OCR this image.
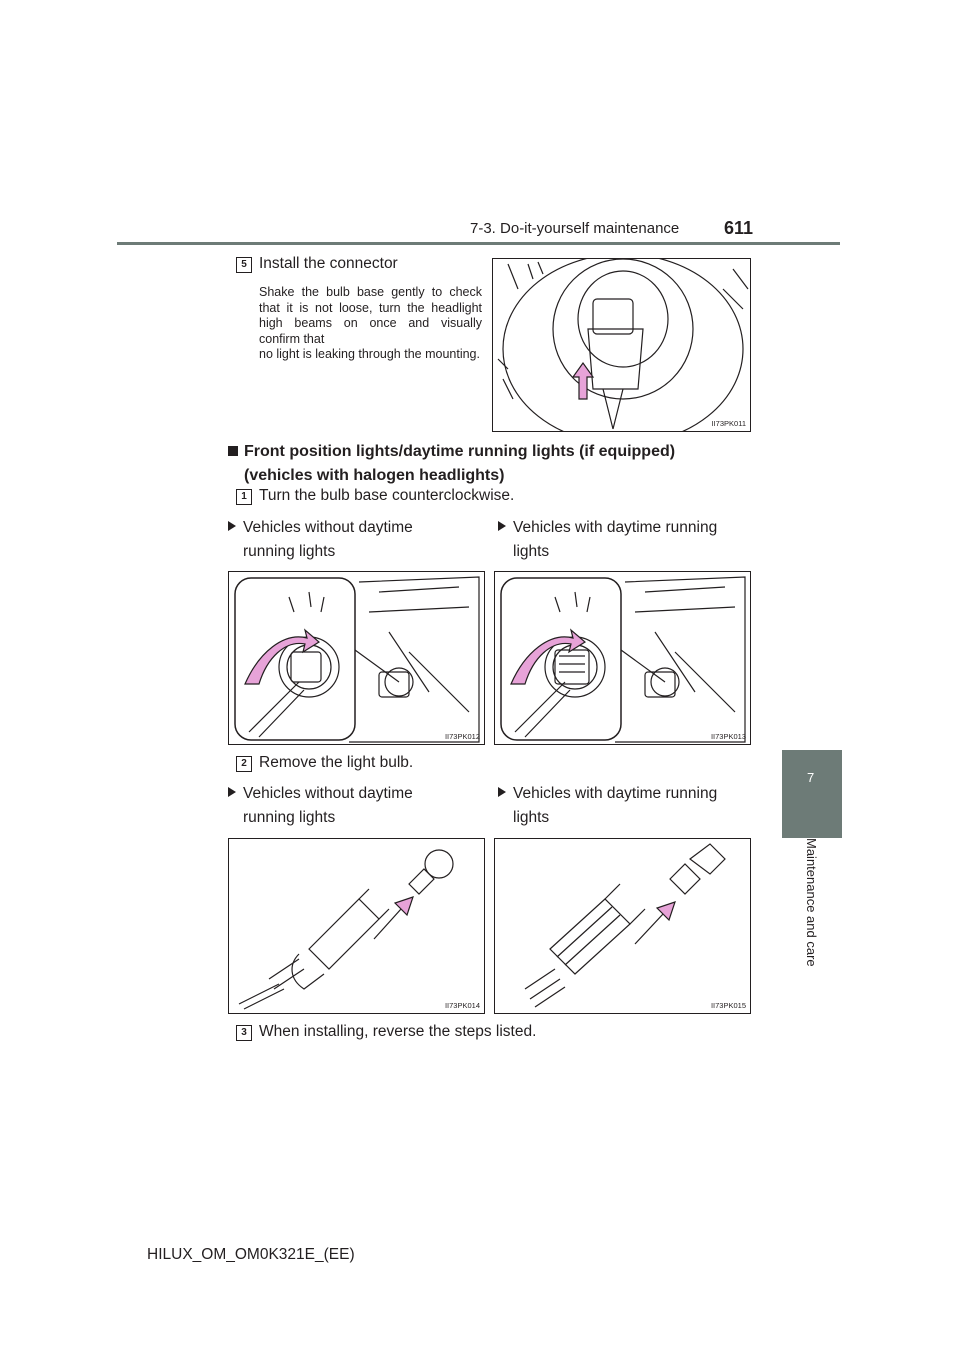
7-3. Do-it-yourself maintenance 611
7
Maintenance and care
5 Install the connector
Shake the bulb base gently to check that it is not loose, turn the headlight high beams on once and visually confirm that
no light is leaking through the mounting.
II73PK011
Front position lights/daytime running lights (if equipped)
(vehicles with halogen headlights)
1 Turn the bulb base counterclockwise.
Vehicles without daytime
running lights
Vehicles with daytime running
lights
II73PK012	II73PK013
2 Remove the light bulb.
Vehicles without daytime
running lights
Vehicles with daytime running
lights
II73PK014	II73PK015
3 When installing, reverse the steps listed.
HILUX_OM_OM0K321E_(EE)
